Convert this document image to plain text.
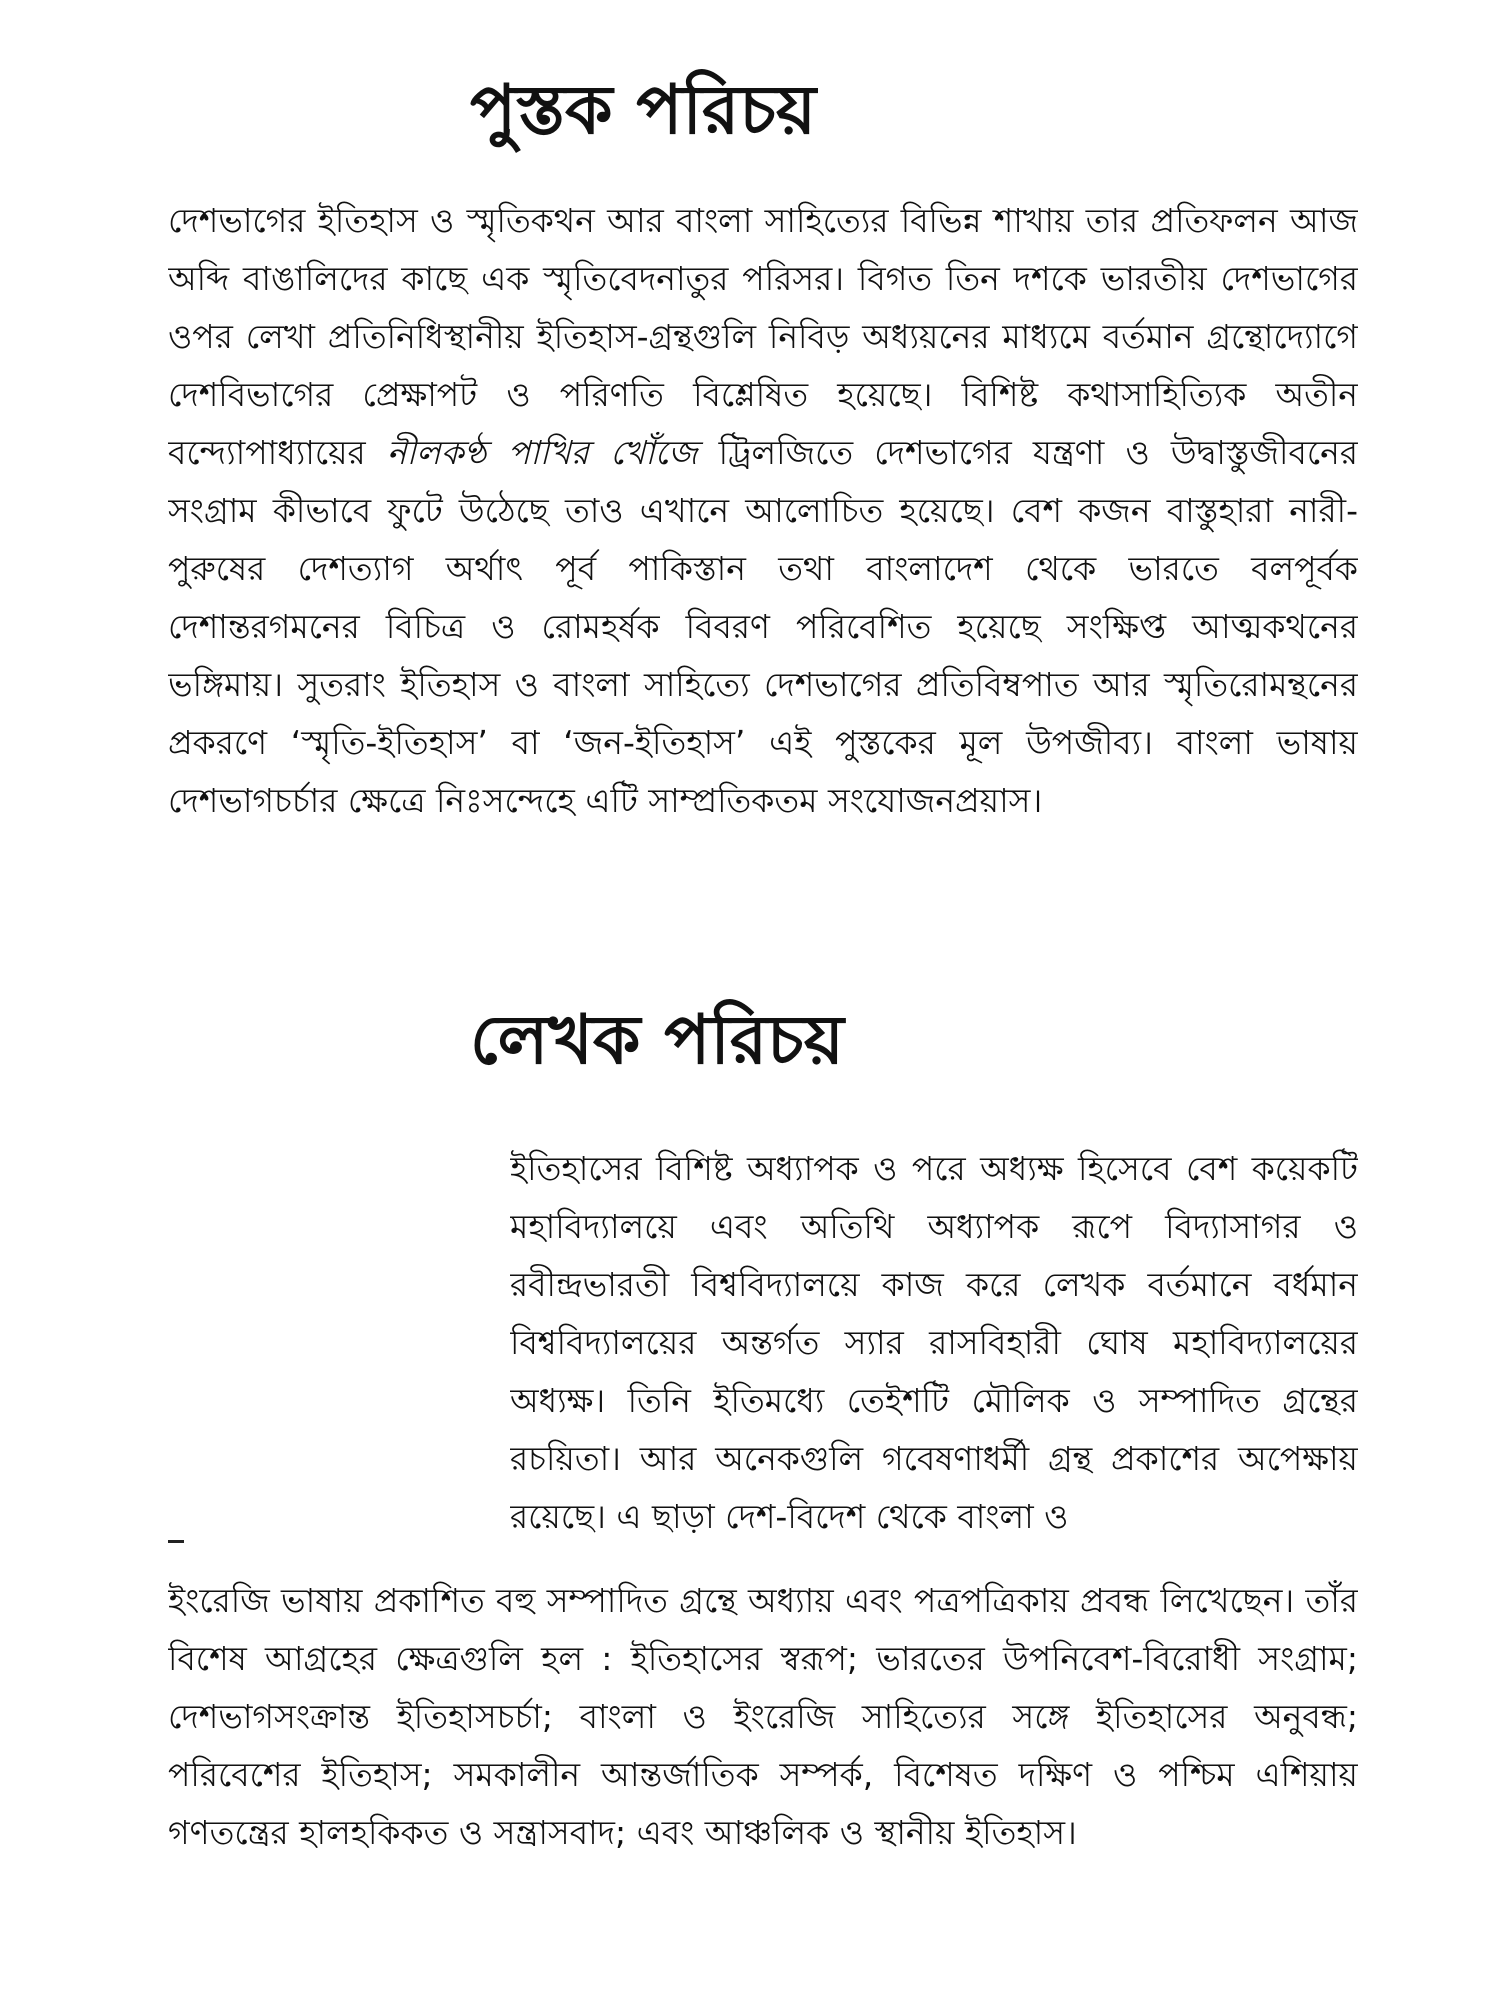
পুস্তক পরিচয়

দেশভাগের ইতিহাস ও স্মৃতিকথন আর বাংলা সাহিত্যের বিভিন্ন শাখায় তার প্রতিফলন আজ অব্দি বাঙালিদের কাছে এক স্মৃতিবেদনাতুর পরিসর। বিগত তিন দশকে ভারতীয় দেশভাগের ওপর লেখা প্রতিনিধিস্থানীয় ইতিহাস-গ্রন্থগুলি নিবিড় অধ্যয়নের মাধ্যমে বর্তমান গ্রন্থোদ্যোগে দেশবিভাগের প্রেক্ষাপট ও পরিণতি বিশ্লেষিত হয়েছে। বিশিষ্ট কথাসাহিত্যিক অতীন বন্দ্যোপাধ্যায়ের নীলকণ্ঠ পাখির খোঁজে ট্রিলজিতে দেশভাগের যন্ত্রণা ও উদ্বাস্তুজীবনের সংগ্রাম কীভাবে ফুটে উঠেছে তাও এখানে আলোচিত হয়েছে। বেশ কজন বাস্তুহারা নারী-পুরুষের দেশত্যাগ অর্থাৎ পূর্ব পাকিস্তান তথা বাংলাদেশ থেকে ভারতে বলপূর্বক দেশান্তরগমনের বিচিত্র ও রোমহর্ষক বিবরণ পরিবেশিত হয়েছে সংক্ষিপ্ত আত্মকথনের ভঙ্গিমায়। সুতরাং ইতিহাস ও বাংলা সাহিত্যে দেশভাগের প্রতিবিম্বপাত আর স্মৃতিরোমন্থনের প্রকরণে ‘স্মৃতি-ইতিহাস’ বা ‘জন-ইতিহাস’ এই পুস্তকের মূল উপজীব্য। বাংলা ভাষায় দেশভাগচর্চার ক্ষেত্রে নিঃসন্দেহে এটি সাম্প্রতিকতম সংযোজনপ্রয়াস।

লেখক পরিচয়

ইতিহাসের বিশিষ্ট অধ্যাপক ও পরে অধ্যক্ষ হিসেবে বেশ কয়েকটি মহাবিদ্যালয়ে এবং অতিথি অধ্যাপক রূপে বিদ্যাসাগর ও রবীন্দ্রভারতী বিশ্ববিদ্যালয়ে কাজ করে লেখক বর্তমানে বর্ধমান বিশ্ববিদ্যালয়ের অন্তর্গত স্যার রাসবিহারী ঘোষ মহাবিদ্যালয়ের অধ্যক্ষ। তিনি ইতিমধ্যে তেইশটি মৌলিক ও সম্পাদিত গ্রন্থের রচয়িতা। আর অনেকগুলি গবেষণাধর্মী গ্রন্থ প্রকাশের অপেক্ষায় রয়েছে। এ ছাড়া দেশ-বিদেশ থেকে বাংলা ও

ইংরেজি ভাষায় প্রকাশিত বহু সম্পাদিত গ্রন্থে অধ্যায় এবং পত্রপত্রিকায় প্রবন্ধ লিখেছেন। তাঁর বিশেষ আগ্রহের ক্ষেত্রগুলি হল : ইতিহাসের স্বরূপ; ভারতের উপনিবেশ-বিরোধী সংগ্রাম; দেশভাগসংক্রান্ত ইতিহাসচর্চা; বাংলা ও ইংরেজি সাহিত্যের সঙ্গে ইতিহাসের অনুবন্ধ; পরিবেশের ইতিহাস; সমকালীন আন্তর্জাতিক সম্পর্ক, বিশেষত দক্ষিণ ও পশ্চিম এশিয়ায় গণতন্ত্রের হালহকিকত ও সন্ত্রাসবাদ; এবং আঞ্চলিক ও স্থানীয় ইতিহাস।
